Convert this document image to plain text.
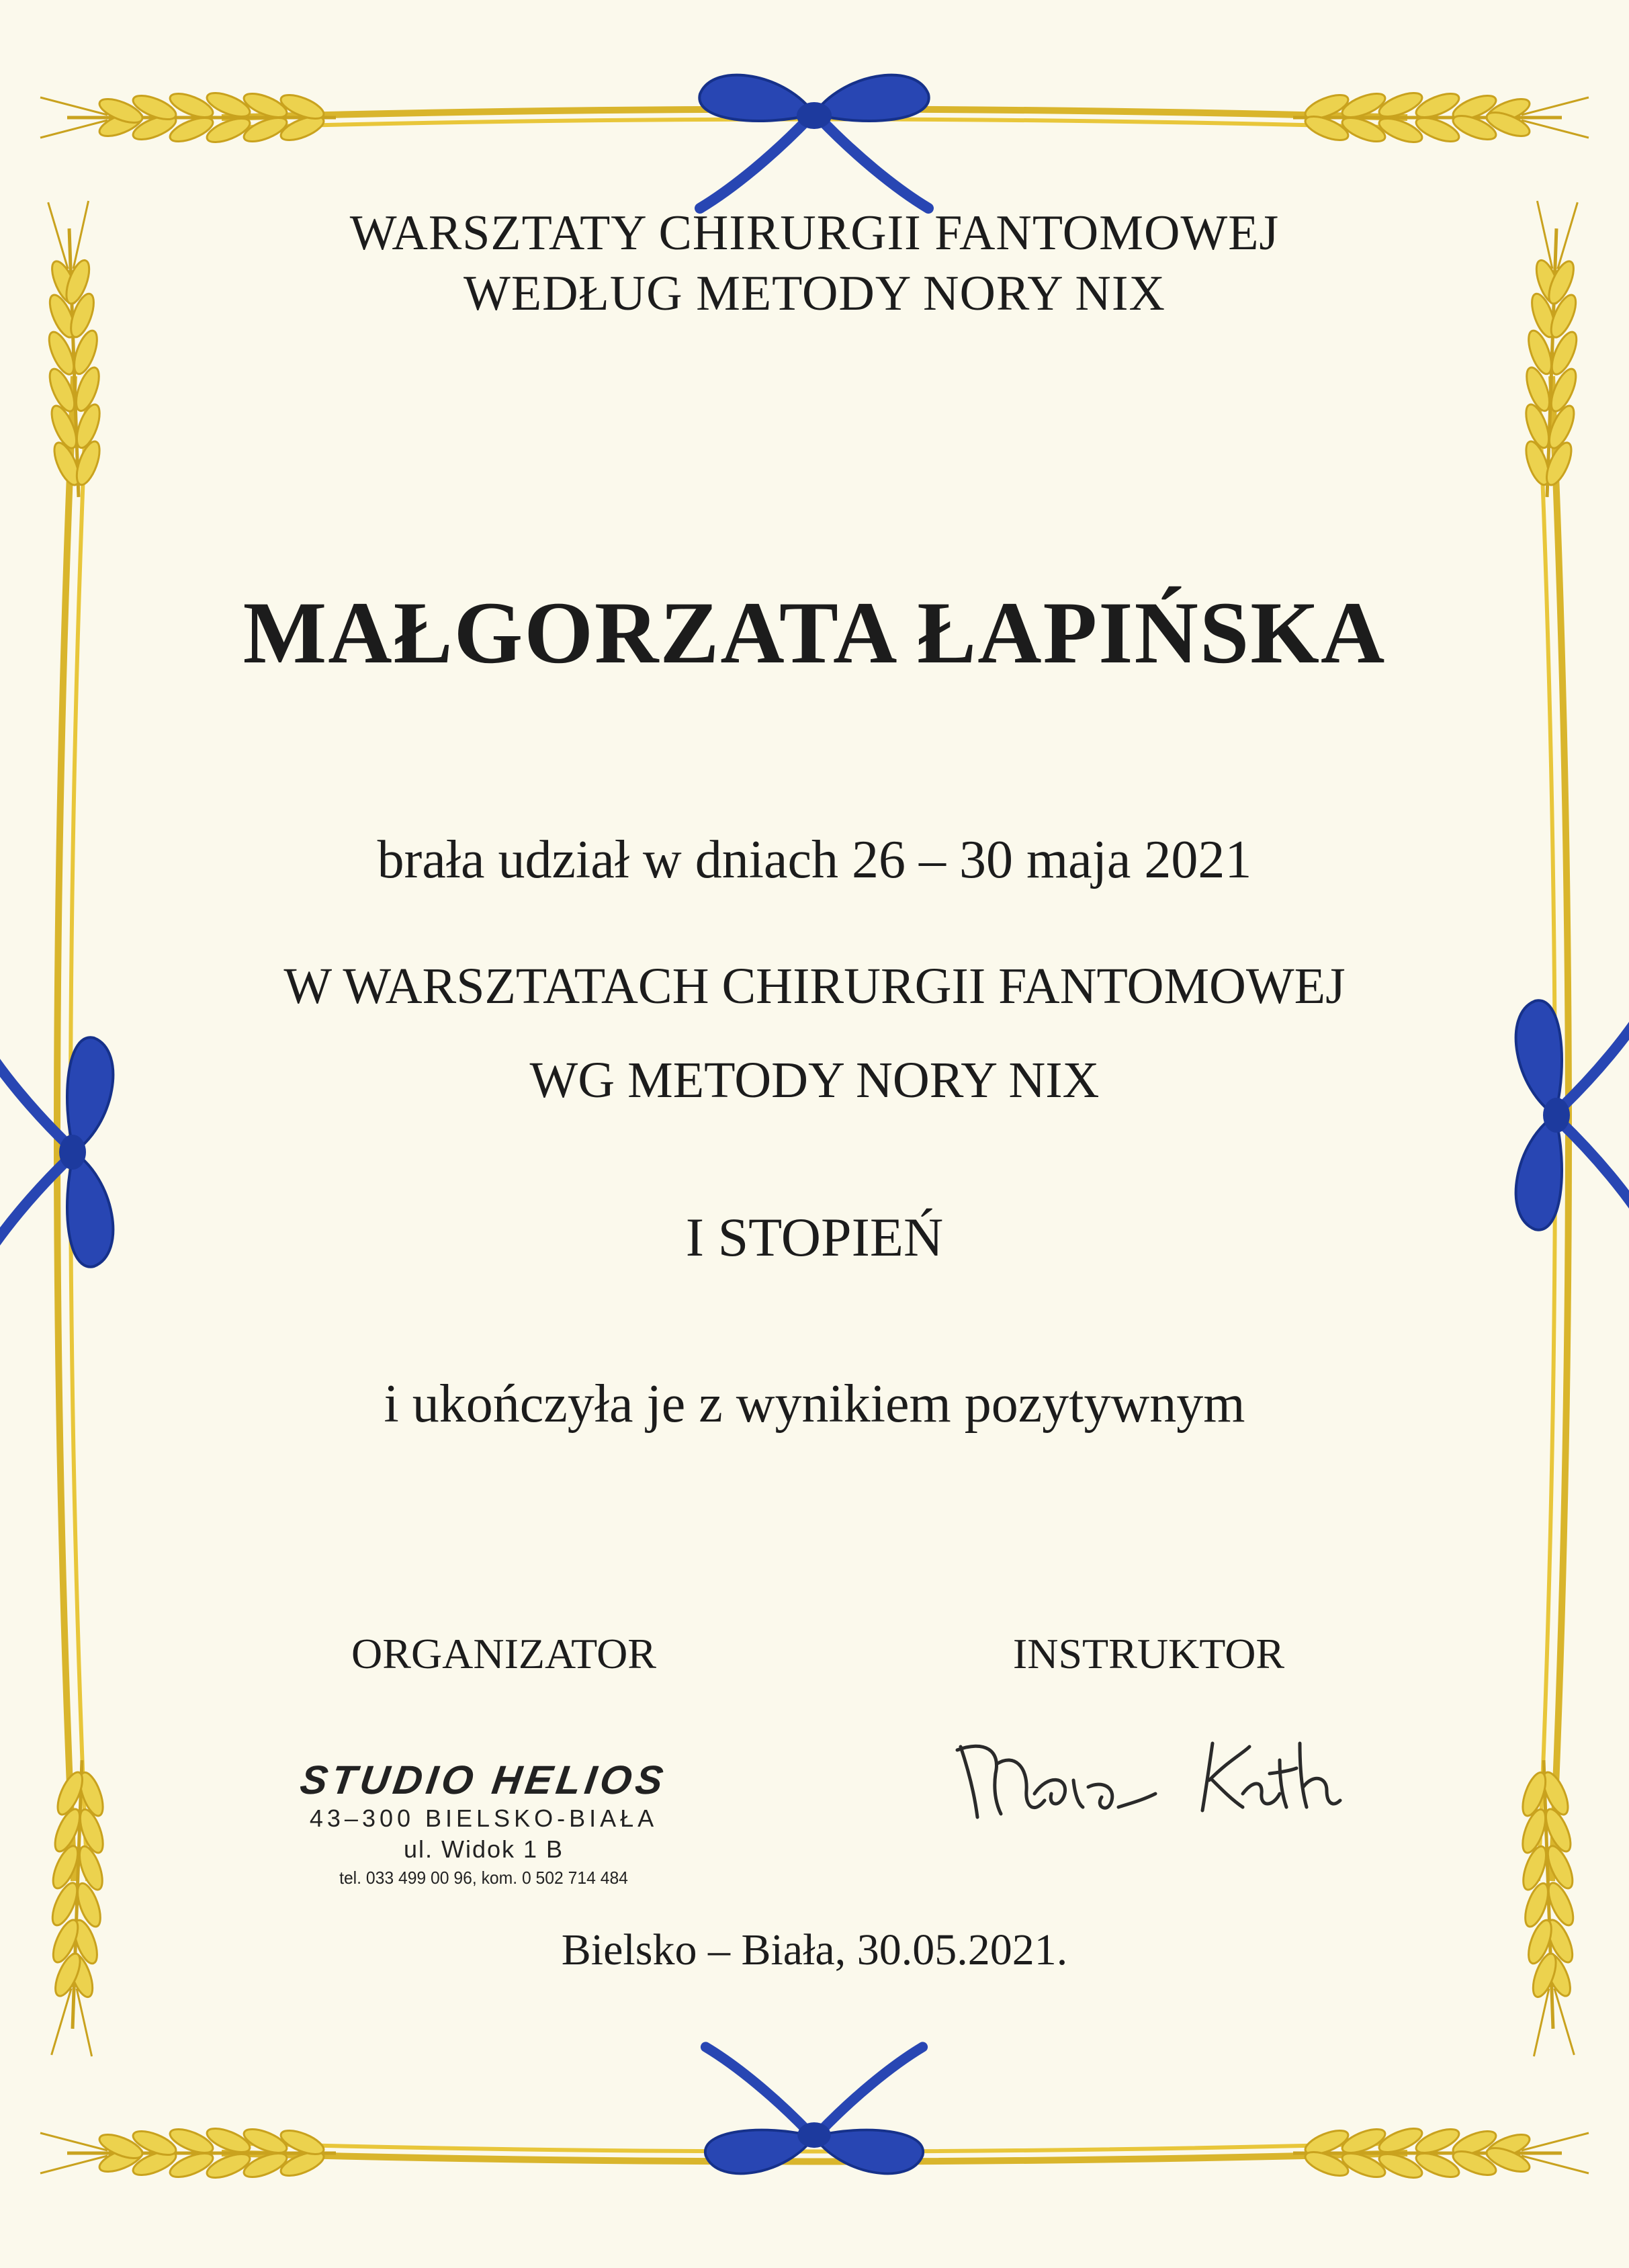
WARSZTATY CHIRURGII FANTOMOWEJ
WEDŁUG METODY NORY NIX
MAŁGORZATA ŁAPIŃSKA
brała udział w dniach 26 – 30 maja 2021
W WARSZTATACH CHIRURGII FANTOMOWEJ
WG METODY NORY NIX
I STOPIEŃ
i ukończyła je z wynikiem pozytywnym
ORGANIZATOR	INSTRUKTOR
STUDIO HELIOS
43–300 BIELSKO-BIAŁA
ul. Widok 1 B
tel. 033 499 00 96, kom. 0 502 714 484
Bielsko – Biała, 30.05.2021.
